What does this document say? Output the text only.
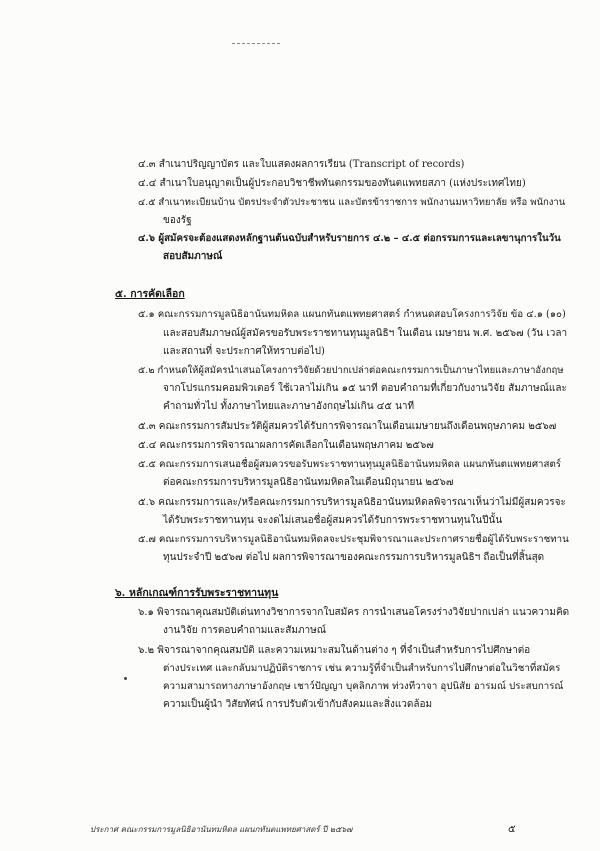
๔.๓ สำเนาปริญญาบัตร และใบแสดงผลการเรียน (Transcript of records)
๔.๔ สำเนาใบอนุญาตเป็นผู้ประกอบวิชาชีพทันตกรรมของทันตแพทยสภา (แห่งประเทศไทย)
๔.๕ สำเนาทะเบียนบ้าน บัตรประจำตัวประชาชน และบัตรข้าราชการ พนักงานมหาวิทยาลัย หรือ พนักงาน
ของรัฐ
๔.๖ ผู้สมัครจะต้องแสดงหลักฐานต้นฉบับสำหรับรายการ ๔.๒ – ๔.๕ ต่อกรรมการและเลขานุการในวัน
สอบสัมภาษณ์
๕. การคัดเลือก
๕.๑ คณะกรรมการมูลนิธิอานันทมหิดล แผนกทันตแพทยศาสตร์ กำหนดสอบโครงการวิจัย ข้อ ๔.๑ (๑๐)
และสอบสัมภาษณ์ผู้สมัครขอรับพระราชทานทุนมูลนิธิฯ ในเดือน เมษายน พ.ศ. ๒๕๖๗ (วัน เวลา
และสถานที่ จะประกาศให้ทราบต่อไป)
๕.๒ กำหนดให้ผู้สมัครนำเสนอโครงการวิจัยด้วยปากเปล่าต่อคณะกรรมการเป็นภาษาไทยและภาษาอังกฤษ
จากโปรแกรมคอมพิวเตอร์ ใช้เวลาไม่เกิน ๑๕ นาที ตอบคำถามที่เกี่ยวกับงานวิจัย สัมภาษณ์และ
คำถามทั่วไป ทั้งภาษาไทยและภาษาอังกฤษไม่เกิน ๔๕ นาที
๕.๓ คณะกรรมการสัมประวัติผู้สมควรได้รับการพิจารณาในเดือนเมษายนถึงเดือนพฤษภาคม ๒๕๖๗
๕.๔ คณะกรรมการพิจารณาผลการคัดเลือกในเดือนพฤษภาคม ๒๕๖๗
๕.๕ คณะกรรมการเสนอชื่อผู้สมควรขอรับพระราชทานทุนมูลนิธิอานันทมหิดล แผนกทันตแพทยศาสตร์
ต่อคณะกรรมการบริหารมูลนิธิอานันทมหิดลในเดือนมิถุนายน ๒๕๖๗
๕.๖ คณะกรรมการและ/หรือคณะกรรมการบริหารมูลนิธิอานันทมหิดลพิจารณาเห็นว่าไม่มีผู้สมควรจะ
ได้รับพระราชทานทุน จะงดไม่เสนอชื่อผู้สมควรได้รับการพระราชทานทุนในปีนั้น
๕.๗ คณะกรรมการบริหารมูลนิธิอานันทมหิดลจะประชุมพิจารณาและประกาศรายชื่อผู้ได้รับพระราชทาน
ทุนประจำปี ๒๕๖๗ ต่อไป ผลการพิจารณาของคณะกรรมการบริหารมูลนิธิฯ ถือเป็นที่สิ้นสุด
๖. หลักเกณฑ์การรับพระราชทานทุน
๖.๑ พิจารณาคุณสมบัติเด่นทางวิชาการจากใบสมัคร การนำเสนอโครงร่างวิจัยปากเปล่า แนวความคิด
งานวิจัย การตอบคำถามและสัมภาษณ์
๖.๒ พิจารณาจากคุณสมบัติ และความเหมาะสมในด้านต่าง ๆ ที่จำเป็นสำหรับการไปศึกษาต่อ
ต่างประเทศ และกลับมาปฏิบัติราชการ เช่น ความรู้ที่จำเป็นสำหรับการไปศึกษาต่อในวิชาที่สมัคร
ความสามารถทางภาษาอังกฤษ เชาว์ปัญญา บุคลิกภาพ ท่วงทีวาจา อุปนิสัย อารมณ์ ประสบการณ์
ความเป็นผู้นำ วิสัยทัศน์ การปรับตัวเข้ากับสังคมและสิ่งแวดล้อม
ประกาศ คณะกรรมการมูลนิธิอานันทมหิดล แผนกทันตแพทยศาสตร์ ปี ๒๕๖๗	๕
